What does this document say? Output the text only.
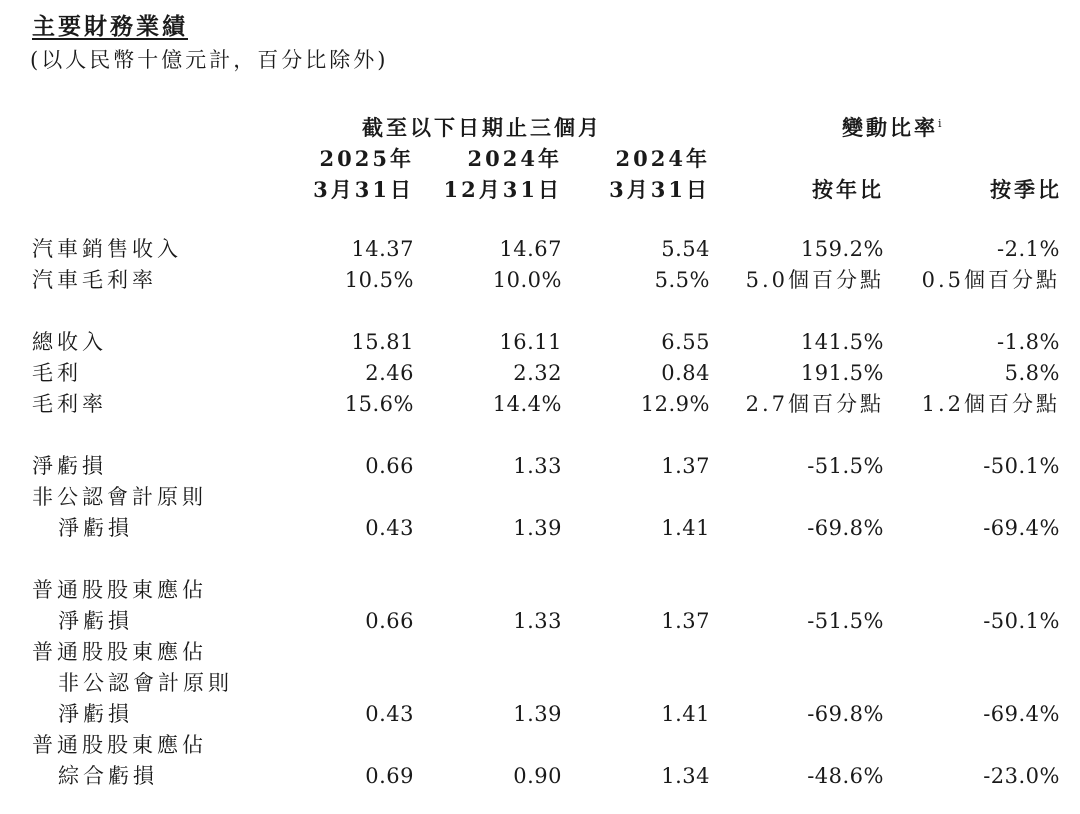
主要財務業績
(以人民幣十億元計，百分比除外)
截至以下日期止三個月	變動比率$^i$
2025年	2024年	2024年
3月31日 12月31日 3月31日	按年比	按季比
汽車銷售收入	14.37	14.67	5.54	159.2%	-2.1%
汽車毛利率	10.5%	10.0%	5.5% 5.0個百分點 0.5個百分點
總收入	15.81	16.11	6.55	141.5%	-1.8%
毛利	2.46	2.32	0.84	191.5%	5.8%
毛利率	15.6%	14.4%	12.9% 2.7個百分點 1.2個百分點
淨虧損	0.66	1.33	1.37	-51.5%	-50.1%
非公認會計原則
淨虧損	0.43	1.39	1.41	-69.8%	-69.4%
普通股股東應佔
淨虧損	0.66	1.33	1.37	-51.5%	-50.1%
普通股股東應佔
非公認會計原則
淨虧損	0.43	1.39	1.41	-69.8%	-69.4%
普通股股東應佔
綜合虧損	0.69	0.90	1.34	-48.6%	-23.0%
